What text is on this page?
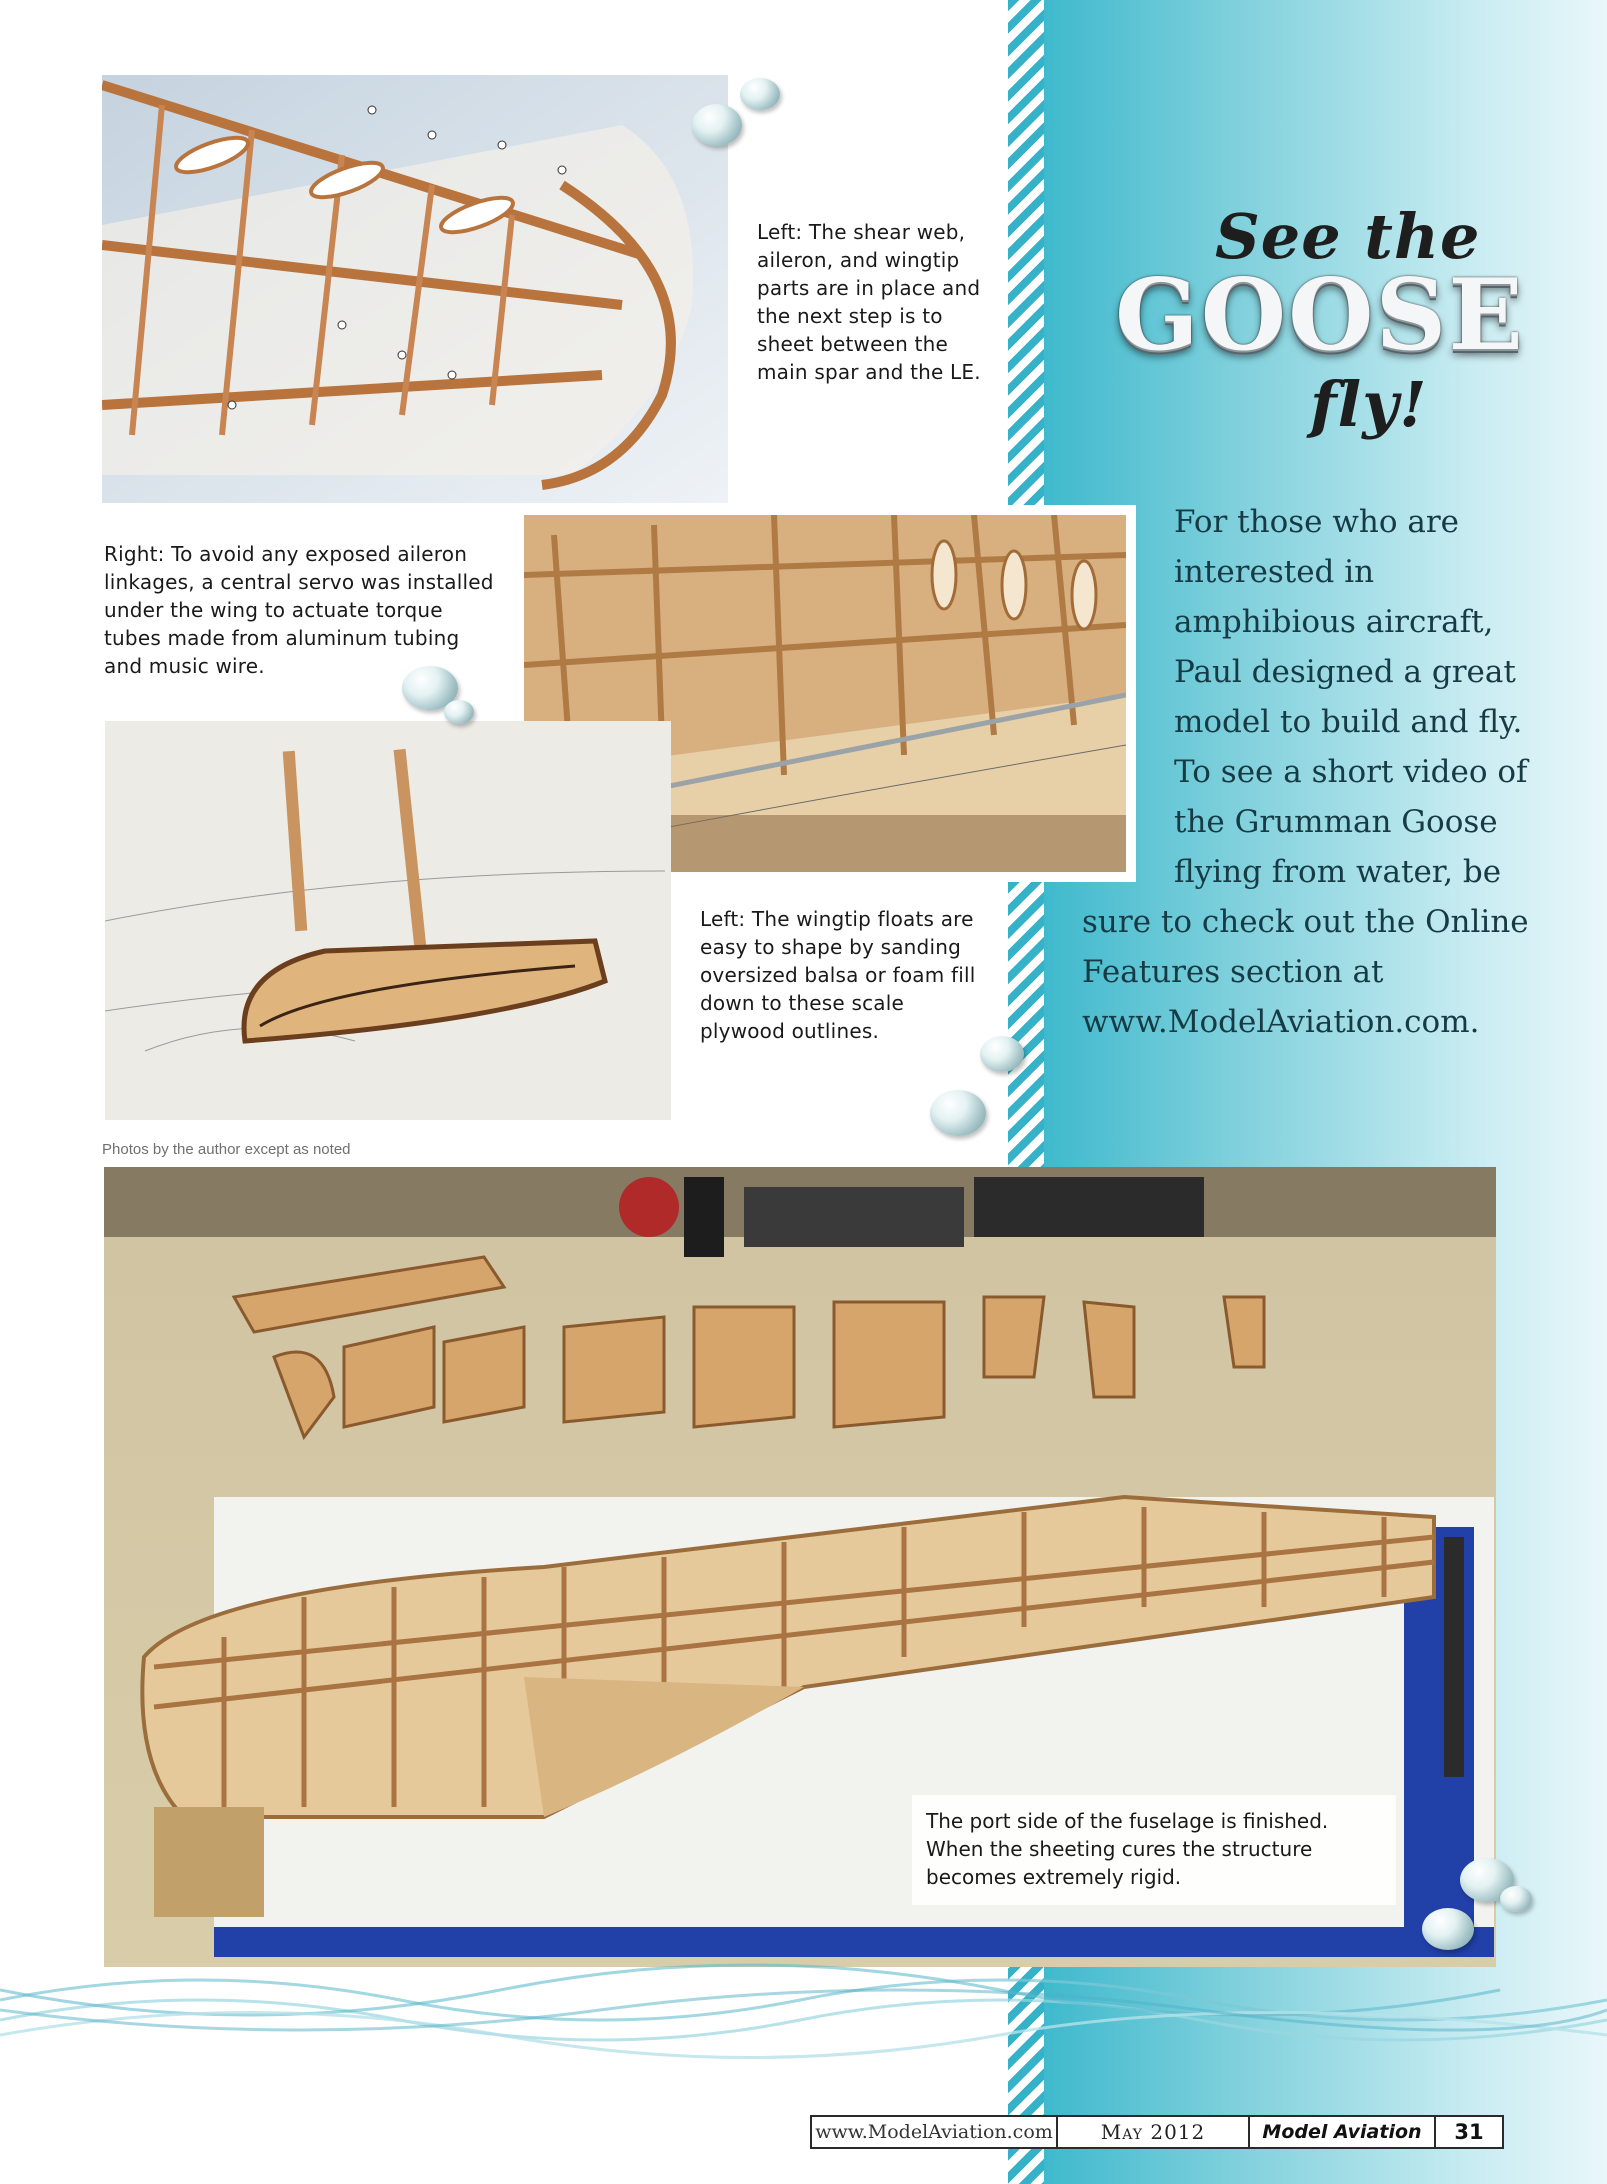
Left: The shear web, aileron, and wingtip parts are in place and the next step is to sheet between the main spar and the LE.
Right: To avoid any exposed aileron linkages, a central servo was installed under the wing to actuate torque tubes made from aluminum tubing and music wire.
Left: The wingtip floats are easy to shape by sanding oversized balsa or foam fill down to these scale plywood outlines.
Photos by the author except as noted
The port side of the fuselage is finished. When the sheeting cures the structure becomes extremely rigid.
See the
GOOSE
fly!
For those who are interested in amphibious aircraft, Paul designed a great model to build and fly. To see a short video of the Grumman Goose flying from water, be sure to check out the Online Features section at www.ModelAviation.com.
www.ModelAviation.com	May 2012	Model Aviation	31
